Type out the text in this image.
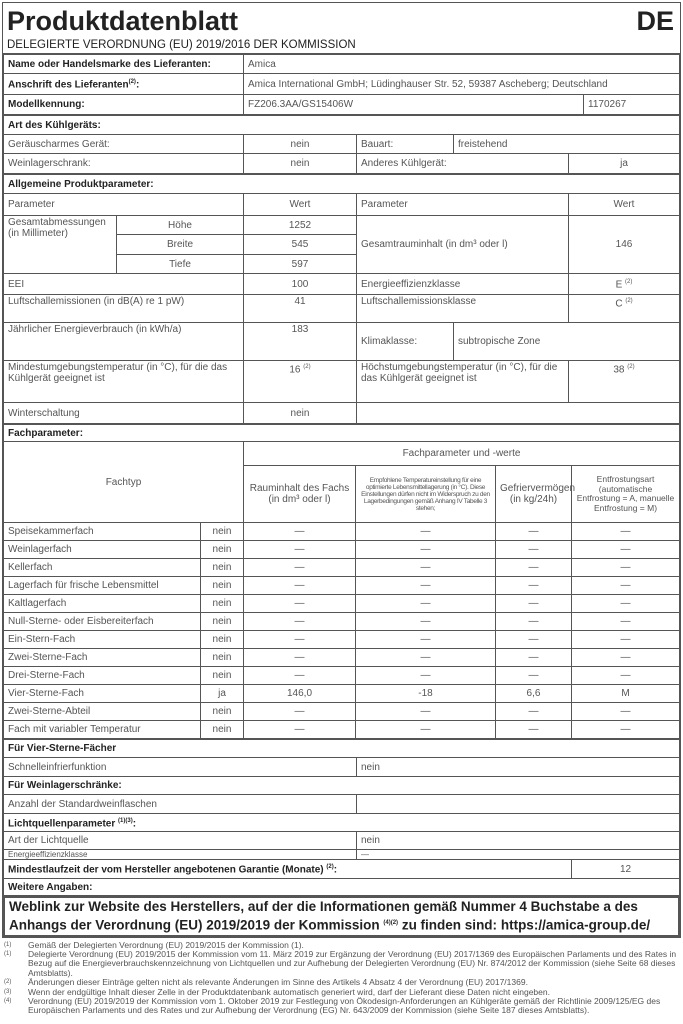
Produktdatenblatt	DE
DELEGIERTE VERORDNUNG (EU) 2019/2016 DER KOMMISSION
Name oder Handelsmarke des Lieferanten:	Amica	
Anschrift des Lieferanten$^{(2)}$:	Amica International GmbH; Lüdinghauser Str. 52, 59387 Ascheberg; Deutschland	
Modellkennung:	FZ206.3AA/GS15406W	1170267
Art des Kühlgeräts:				
Geräuscharmes Gerät:	nein	Bauart:	freistehend	
Weinlagerschrank:	nein	Anderes Kühlgerät:		ja
Allgemeine Produktparameter:					
Parameter		Wert	Parameter		Wert
Gesamtabmessungen (in Millimeter)	Höhe	1252	Gesamtrauminhalt (in dm³ oder l)		146
	Breite	545			
	Tiefe	597			
EEI		100	Energieeffizienzklasse		E $^{(2)}$
Luftschallemissionen (in dB(A) re 1 pW)		41	Luftschallemissionsklasse		C $^{(2)}$
Jährlicher Energieverbrauch (in kWh/a)		183	Klimaklasse:	subtropische Zone	
Mindestumgebungstemperatur (in °C), für die das Kühlgerät geeignet ist		16 $^{(2)}$	Höchstumgebungstemperatur (in °C), für die das Kühlgerät geeignet ist		38 $^{(2)}$
Winterschaltung		nein			
Fachparameter:					
Fachtyp		Fachparameter und -werte			
		Rauminhalt des Fachs (in dm³ oder l)	Empfohlene Temperatureinstellung für eine optimierte Lebensmittellagerung (in °C). Diese Einstellungen dürfen nicht im Widerspruch zu den Lagerbedingungen gemäß Anhang IV Tabelle 3 stehen;	Gefriervermögen (in kg/24h)	Entfrostungsart (automatische Entfrostung = A, manuelle Entfrostung = M)
Speisekammerfach	nein	—	—	—	—
Weinlagerfach	nein	—	—	—	—
Kellerfach	nein	—	—	—	—
Lagerfach für frische Lebensmittel	nein	—	—	—	—
Kaltlagerfach	nein	—	—	—	—
Null-Sterne- oder Eisbereiterfach	nein	—	—	—	—
Ein-Stern-Fach	nein	—	—	—	—
Zwei-Sterne-Fach	nein	—	—	—	—
Drei-Sterne-Fach	nein	—	—	—	—
Vier-Sterne-Fach	ja	146,0	-18	6,6	M
Zwei-Sterne-Abteil	nein	—	—	—	—
Fach mit variabler Temperatur	nein	—	—	—	—
Für Vier-Sterne-Fächer		
Schnelleinfrierfunktion	nein	
Für Weinlagerschränke:		
Anzahl der Standardweinflaschen		
Lichtquellenparameter $^{(1)(3)}$:		
Art der Lichtquelle	nein	
Energieeffizienzklasse	—	
Mindestlaufzeit der vom Hersteller angebotenen Garantie (Monate) $^{(2)}$:		12
Weitere Angaben:		
Weblink zur Website des Herstellers, auf der die Informationen gemäß Nummer 4 Buchstabe a des Anhangs der Verordnung (EU) 2019/2019 der Kommission $^{(4)(2)}$ zu finden sind: https://amica-group.de/
(1)	Gemäß der Delegierten Verordnung (EU) 2019/2015 der Kommission (1).
(1)	Delegierte Verordnung (EU) 2019/2015 der Kommission vom 11. März 2019 zur Ergänzung der Verordnung (EU) 2017/1369 des Europäischen Parlaments und des Rates in Bezug auf die Energieverbrauchskennzeichnung von Lichtquellen und zur Aufhebung der Delegierten Verordnung (EU) Nr. 874/2012 der Kommission (siehe Seite 68 dieses Amtsblatts).
(2)	Änderungen dieser Einträge gelten nicht als relevante Änderungen im Sinne des Artikels 4 Absatz 4 der Verordnung (EU) 2017/1369.
(3)	Wenn der endgültige Inhalt dieser Zelle in der Produktdatenbank automatisch generiert wird, darf der Lieferant diese Daten nicht eingeben.
(4)	Verordnung (EU) 2019/2019 der Kommission vom 1. Oktober 2019 zur Festlegung von Ökodesign-Anforderungen an Kühlgeräte gemäß der Richtlinie 2009/125/EG des Europäischen Parlaments und des Rates und zur Aufhebung der Verordnung (EG) Nr. 643/2009 der Kommission (siehe Seite 187 dieses Amtsblatts).
